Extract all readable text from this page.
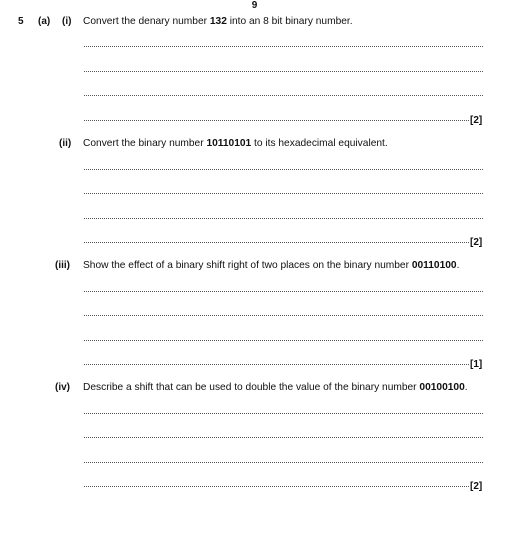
9
5 (a) (i) Convert the denary number 132 into an 8 bit binary number.
[2]
(ii) Convert the binary number 10110101 to its hexadecimal equivalent.
[2]
(iii) Show the effect of a binary shift right of two places on the binary number 00110100.
[1]
(iv) Describe a shift that can be used to double the value of the binary number 00100100.
[2]
